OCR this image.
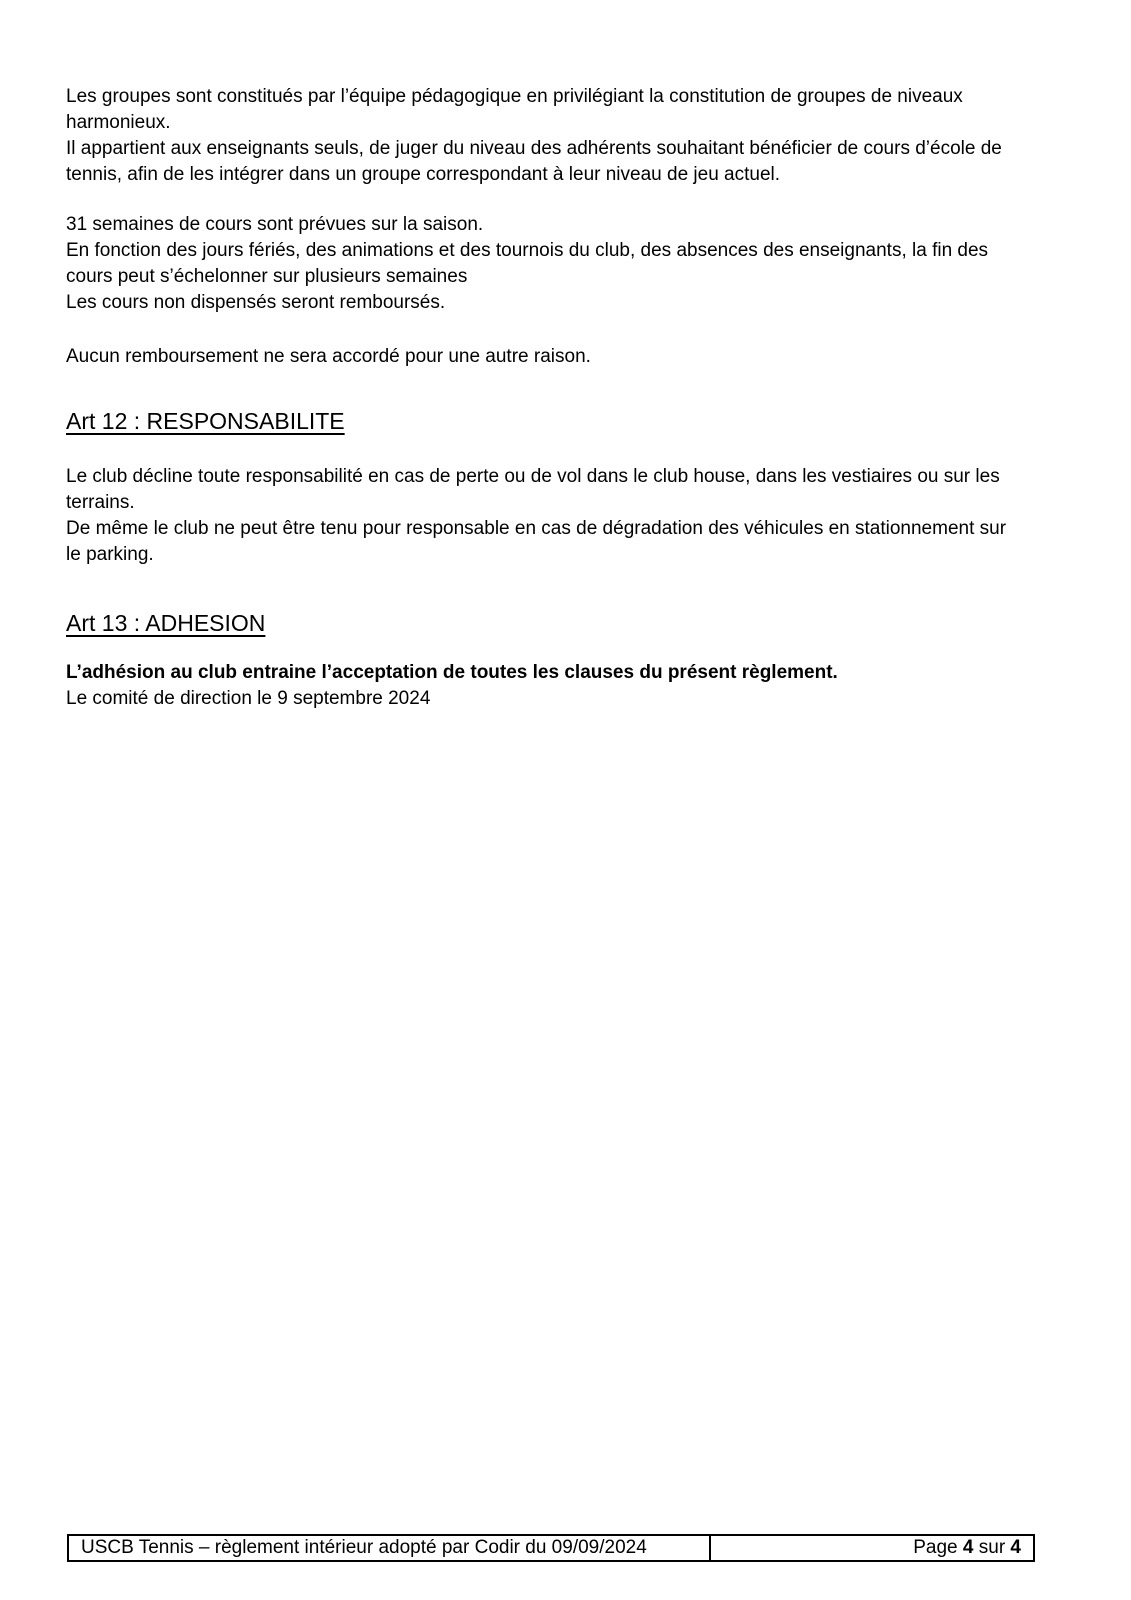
Les groupes sont constitués par l’équipe pédagogique en privilégiant la constitution de groupes de niveaux harmonieux.

Il appartient aux enseignants seuls, de juger du niveau des adhérents souhaitant bénéficier de cours d’école de tennis, afin de les intégrer dans un groupe correspondant à leur niveau de jeu actuel.

31 semaines de cours sont prévues sur la saison.

En fonction des jours fériés, des animations et des tournois du club, des absences des enseignants, la fin des cours peut s’échelonner sur plusieurs semaines

Les cours non dispensés seront remboursés.

Aucun remboursement ne sera accordé pour une autre raison.

Art 12 : RESPONSABILITE

Le club décline toute responsabilité en cas de perte ou de vol dans le club house, dans les vestiaires ou sur les terrains.

De même le club ne peut être tenu pour responsable en cas de dégradation des véhicules en stationnement sur le parking.

Art 13 : ADHESION

L’adhésion au club entraine l’acceptation de toutes les clauses du présent règlement.

Le comité de direction le 9 septembre 2024

USCB Tennis – règlement intérieur adopté par Codir du 09/09/2024	Page 4 sur 4
